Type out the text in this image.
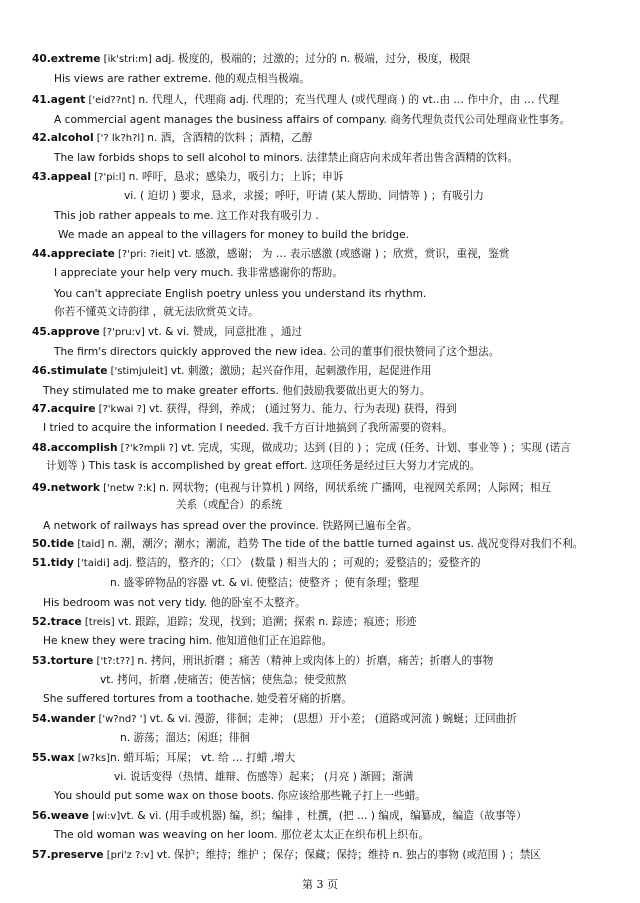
40.extreme [ik'stri:m] adj. 极度的，极端的；过激的；过分的 n. 极端，过分，极度，极限
His views are rather extreme. 他的观点相当极端。
41.agent ['eid??nt] n. 代理人，代理商 adj. 代理的；充当代理人 (或代理商 ) 的 vt..由 … 作中介，由 … 代理
A commercial agent manages the business affairs of company. 商务代理负责代公司处理商业性事务。
42.alcohol ['? lk?h?l] n. 酒，含酒精的饮料 ；酒精，乙醇
The law forbids shops to sell alcohol to minors. 法律禁止商店向未成年者出售含酒精的饮料。
43.appeal [?'pi:l] n. 呼吁，恳求；感染力，吸引力；上诉；申诉
vi. ( 迫切 ) 要求，恳求，求援；呼吁，吁请 (某人帮助、同情等 ) ；有吸引力
This job rather appeals to me. 这工作对我有吸引力 .
We made an appeal to the villagers for money to build the bridge.
44.appreciate [?'pri: ?ieit] vt. 感激，感谢； 为 … 表示感激 (或感谢 ) ；欣赏，赏识，重视，鉴赏
I appreciate your help very much. 我非常感谢你的帮助。
You can't appreciate English poetry unless you understand its rhythm.
你若不懂英文诗韵律 ，就无法欣赏英文诗。
45.approve [?'pru:v] vt. & vi. 赞成，同意批准 ，通过
The firm's directors quickly approved the new idea. 公司的董事们很快赞同了这个想法。
46.stimulate ['stimjuleit] vt. 刺激；激励；起兴奋作用，起刺激作用，起促进作用
They stimulated me to make greater efforts. 他们鼓励我要做出更大的努力。
47.acquire [?'kwai ?] vt. 获得，得到，养成； (通过努力、能力、行为表现) 获得，得到
I tried to acquire the information I needed. 我千方百计地搞到了我所需要的资料。
48.accomplish [?'k?mpli ?] vt. 完成，实现，做成功；达到 (目的 ) ；完成 (任务、计划、事业等 ) ；实现 (诺言
计划等 ) This task is accomplished by great effort. 这项任务是经过巨大努力才完成的。
49.network ['netw ?:k] n. 网状物；(电视与计算机 ) 网络，网状系统 广播网，电视网关系网；人际网；相互
关系（或配合）的系统
A network of railways has spread over the province. 铁路网已遍布全省。
50.tide [taid] n. 潮，潮汐；潮水；潮流，趋势 The tide of the battle turned against us. 战况变得对我们不利。
51.tidy ['taidi] adj. 整洁的，整齐的；〈口〉 (数量 ) 相当大的 ；可观的；爱整洁的；爱整齐的
n. 盛零碎物品的容器 vt. & vi. 使整洁；使整齐 ；使有条理；整理
His bedroom was not very tidy. 他的卧室不太整齐。
52.trace [treis] vt. 跟踪，追踪；发现，找到；追溯；探索 n. 踪迹；痕迹；形迹
He knew they were tracing him. 他知道他们正在追踪他。
53.torture ['t?:t??] n. 拷问，刑讯折磨 ；痛苦（精神上或肉体上的）折磨，痛苦；折磨人的事物
vt. 拷问，折磨 ,使痛苦；使苦恼；使焦急；使受煎熬
She suffered tortures from a toothache. 她受着牙痛的折磨。
54.wander ['w?nd? '] vt. & vi. 漫游，徘徊；走神； (思想）开小差； (道路或河流 ) 蜿蜒；迂回曲折
n. 游荡；溜达；闲逛；徘徊
55.wax [w?ks]n. 蜡耳垢；耳屎； vt. 给 … 打蜡 ,增大
vi. 说话变得（热情、雄辩、伤感等）起来； (月亮 ) 渐圆；渐满
You should put some wax on those boots. 你应该给那些靴子打上一些蜡。
56.weave [wi:v]vt. & vi. (用手或机器) 编，织；编排 ，杜撰，(把 … ) 编成，编纂成，编造（故事等）
The old woman was weaving on her loom. 那位老太太正在织布机上织布。
57.preserve [pri'z ?:v] vt. 保护；维持；维护 ；保存；保藏；保持；维持 n. 独占的事物 (或范围 ) ；禁区
第 3 页
